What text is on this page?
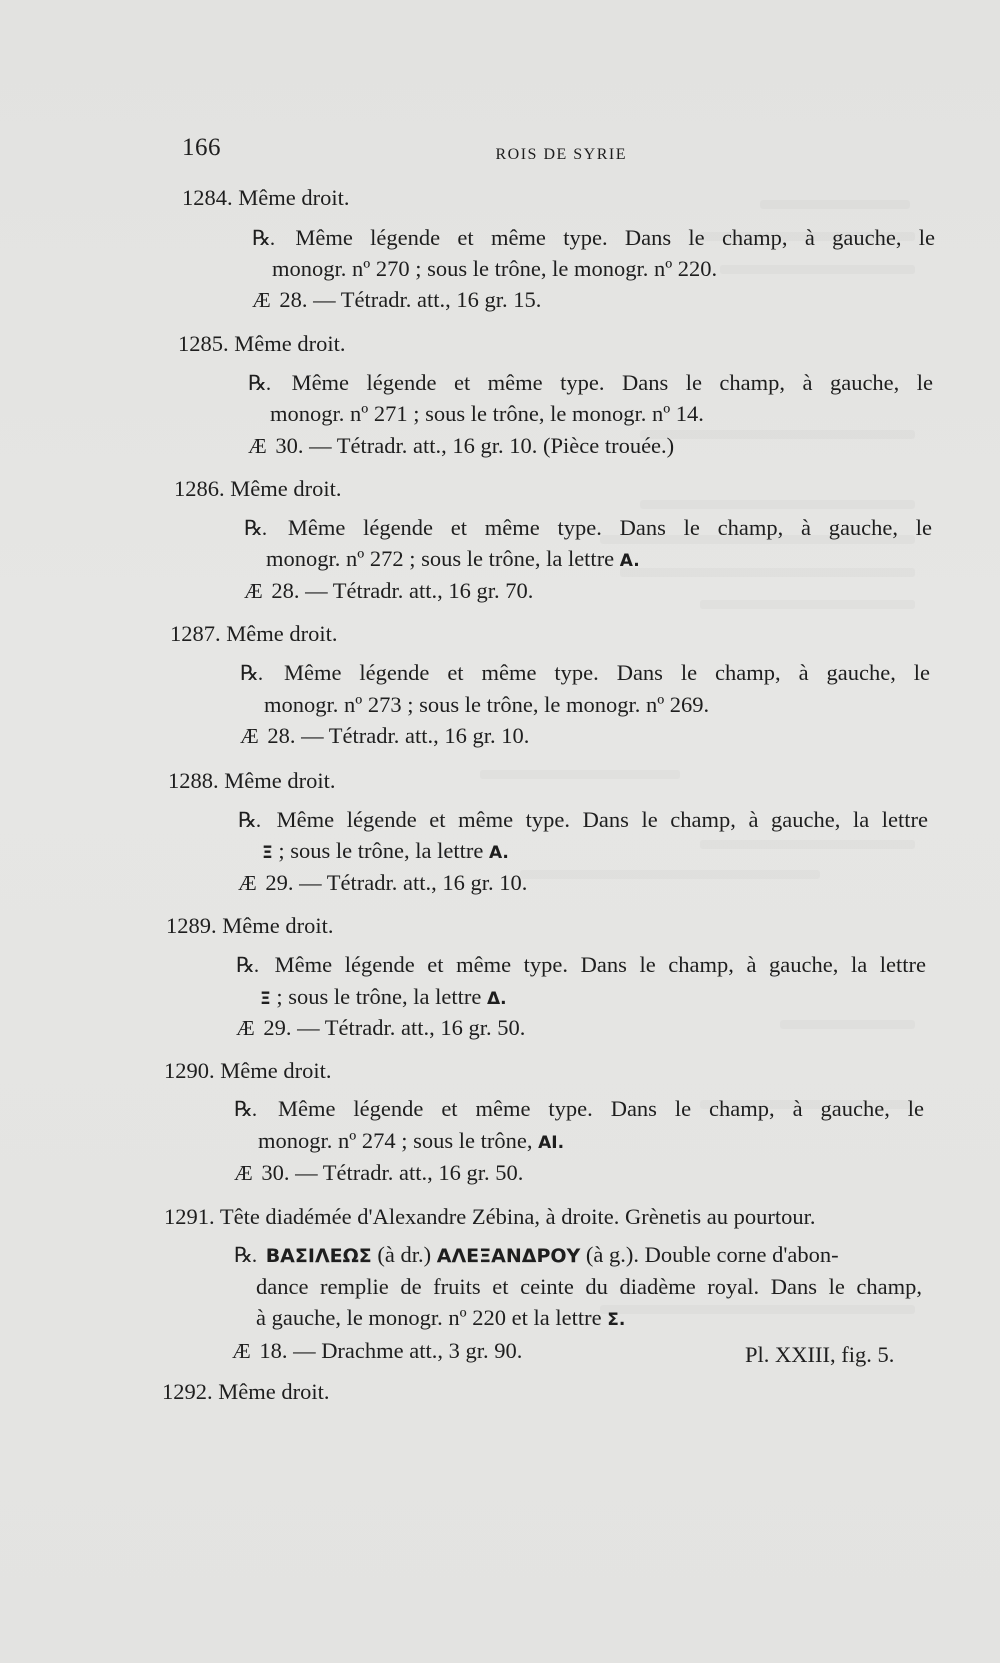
166	ROIS DE SYRIE
1284. Même droit.
℞. Même légende et même type. Dans le champ, à gauche, le
monogr. nº 270 ; sous le trône, le monogr. nº 220.
Æ 28. — Tétradr. att., 16 gr. 15.
1285. Même droit.
℞. Même légende et même type. Dans le champ, à gauche, le
monogr. nº 271 ; sous le trône, le monogr. nº 14.
Æ 30. — Tétradr. att., 16 gr. 10. (Pièce trouée.)
1286. Même droit.
℞. Même légende et même type. Dans le champ, à gauche, le
monogr. nº 272 ; sous le trône, la lettre A.
Æ 28. — Tétradr. att., 16 gr. 70.
1287. Même droit.
℞. Même légende et même type. Dans le champ, à gauche, le
monogr. nº 273 ; sous le trône, le monogr. nº 269.
Æ 28. — Tétradr. att., 16 gr. 10.
1288. Même droit.
℞. Même légende et même type. Dans le champ, à gauche, la lettre
Ξ ; sous le trône, la lettre A.
Æ 29. — Tétradr. att., 16 gr. 10.
1289. Même droit.
℞. Même légende et même type. Dans le champ, à gauche, la lettre
Ξ ; sous le trône, la lettre Δ.
Æ 29. — Tétradr. att., 16 gr. 50.
1290. Même droit.
℞. Même légende et même type. Dans le champ, à gauche, le
monogr. nº 274 ; sous le trône, AI.
Æ 30. — Tétradr. att., 16 gr. 50.
1291. Tête diadémée d'Alexandre Zébina, à droite. Grènetis au pourtour.
℞. ΒΑΣΙΛΕΩΣ (à dr.) ΑΛΕΞΑΝΔΡΟΥ (à g.). Double corne d'abon-
dance remplie de fruits et ceinte du diadème royal. Dans le champ,
à gauche, le monogr. nº 220 et la lettre Σ.
Æ 18. — Drachme att., 3 gr. 90.	Pl. XXIII, fig. 5.
1292. Même droit.
